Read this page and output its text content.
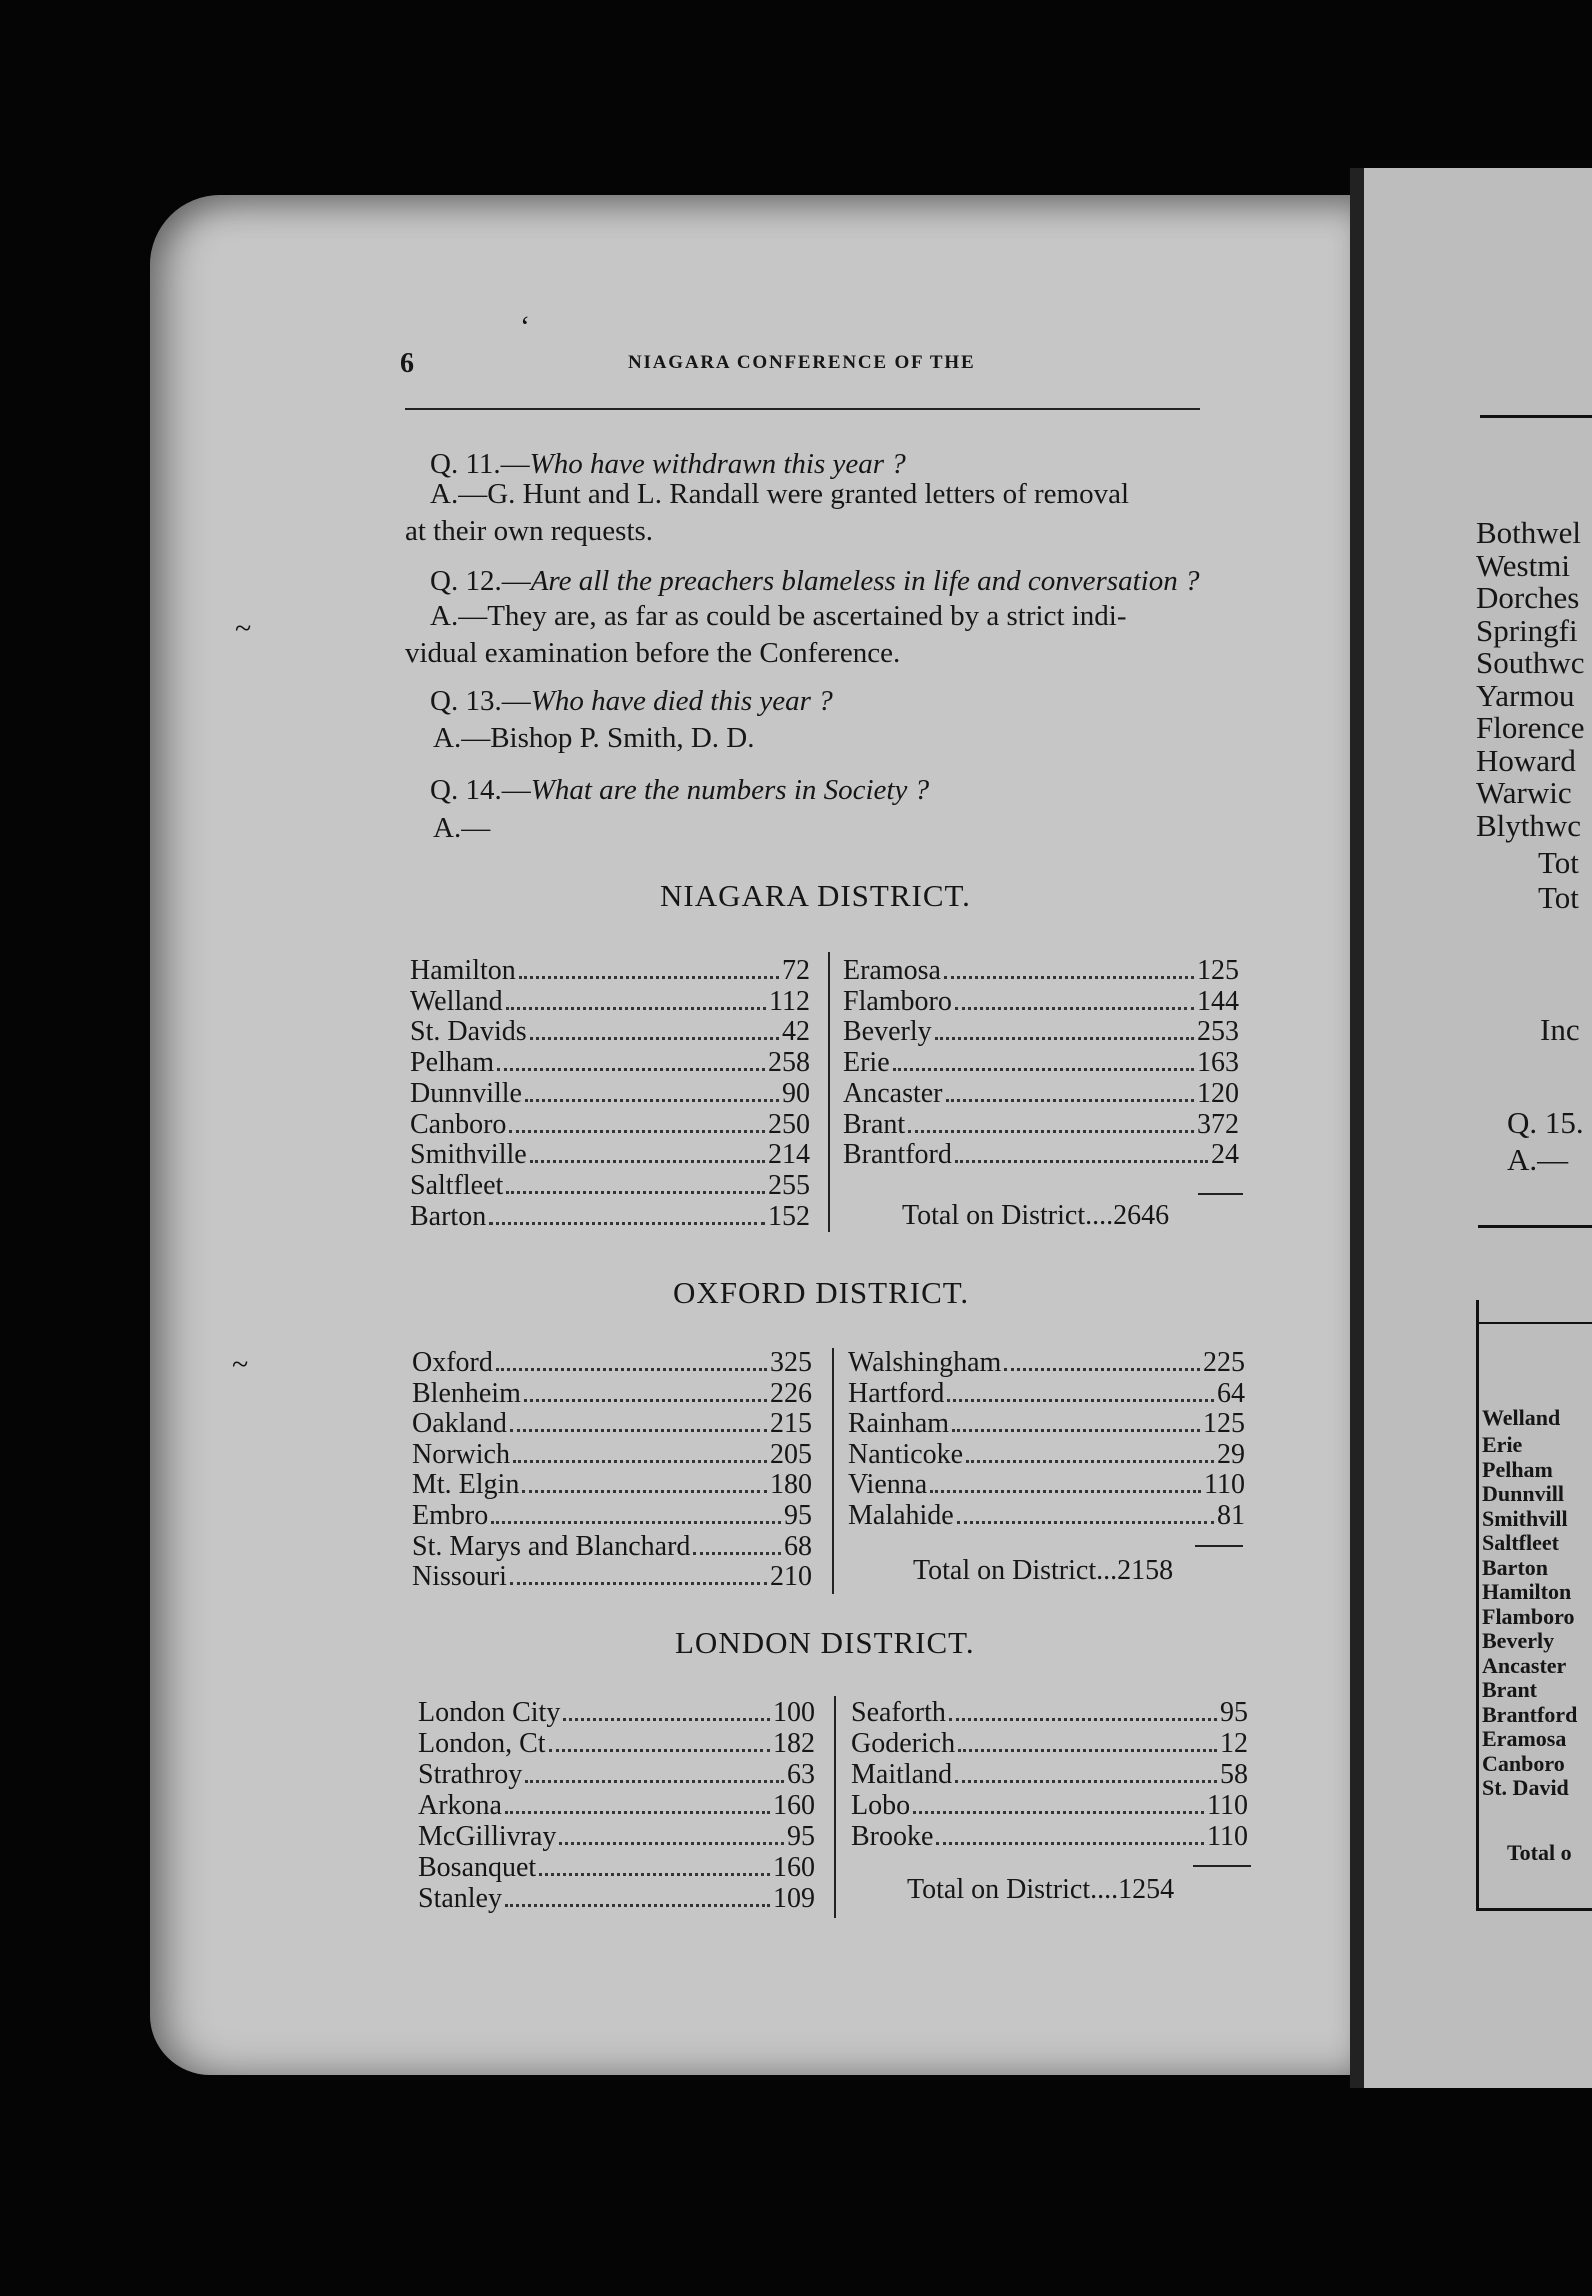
6	NIAGARA CONFERENCE OF THE
Q. 11.—Who have withdrawn this year ?
A.—G. Hunt and L. Randall were granted letters of removal
at their own requests.
Q. 12.—Are all the preachers blameless in life and conversation ?
A.—They are, as far as could be ascertained by a strict indi-
vidual examination before the Conference.
Q. 13.—Who have died this year ?
A.—Bishop P. Smith, D. D.
Q. 14.—What are the numbers in Society ?
A.—
NIAGARA DISTRICT.
Hamilton	72
Welland	112
St. Davids	42
Pelham	258
Dunnville	90
Canboro	250
Smithville	214
Saltfleet	255
Barton	152
Eramosa	125
Flamboro	144
Beverly	253
Erie	163
Ancaster	120
Brant	372
Brantford	24
Total on District....2646
OXFORD DISTRICT.
Oxford	325
Blenheim	226
Oakland	215
Norwich	205
Mt. Elgin	180
Embro	95
St. Marys and Blanchard	68
Nissouri	210
Walshingham	225
Hartford	64
Rainham	125
Nanticoke	29
Vienna	110
Malahide	81
Total on District...2158
LONDON DISTRICT.
London City	100
London, Ct	182
Strathroy	63
Arkona	160
McGillivray	95
Bosanquet	160
Stanley	109
Seaforth	95
Goderich	12
Maitland	58
Lobo	110
Brooke	110
Total on District....1254
ʻ
~
~
Bothwel
Westmi
Dorches
Springfi
Southwc
Yarmou
Florence
Howard
Warwic
Blythwc
Tot
Tot
Inc
Q. 15.
A.—
Welland
Erie
Pelham
Dunnvill
Smithvill
Saltfleet
Barton
Hamilton
Flamboro
Beverly
Ancaster
Brant
Brantford
Eramosa
Canboro
St. David
Total o
